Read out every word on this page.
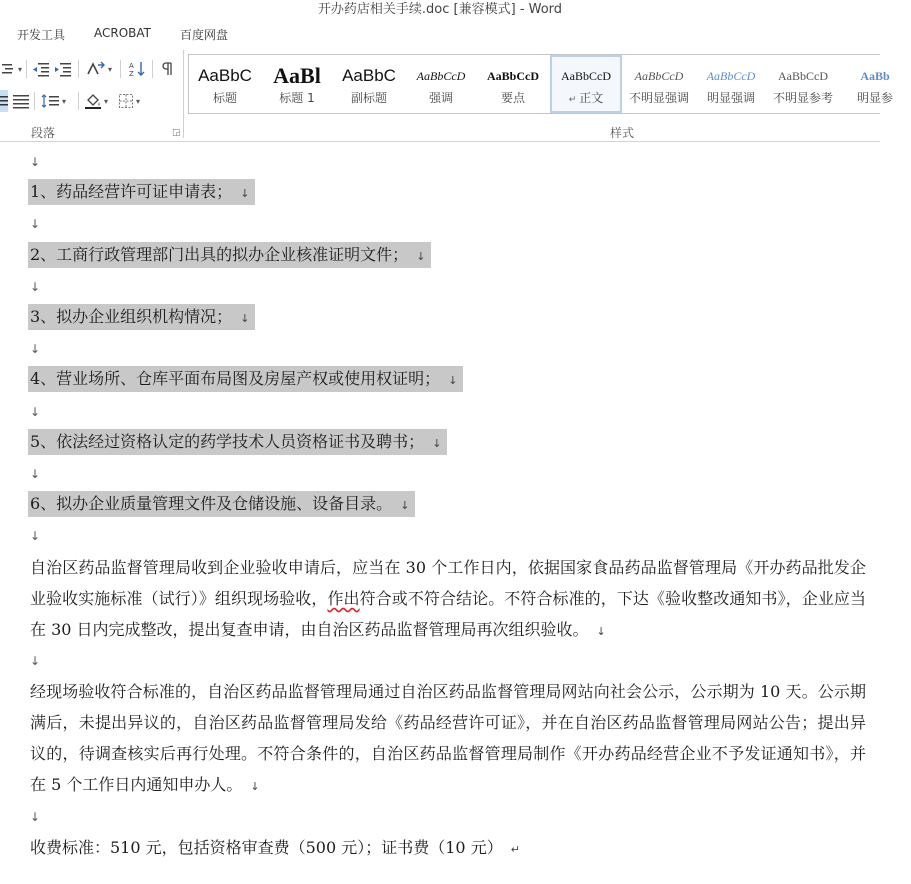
开办药店相关手续.doc [兼容模式] - Word
开发工具 ACROBAT 百度网盘
▾	▾ A
Z
▾	▾	▾
段落	◲
AaBbC
标题
AaBl
标题 1
AaBbC
副标题
AaBbCcD
强调
AaBbCcD
要点
AaBbCcD
↵ 正文
AaBbCcD
不明显强调
AaBbCcD
明显强调
AaBbCcD
不明显参考
AaBb
明显参
样式
↓
1、药品经营许可证申请表； ↓
↓
2、工商行政管理部门出具的拟办企业核准证明文件； ↓
↓
3、拟办企业组织机构情况； ↓
↓
4、营业场所、仓库平面布局图及房屋产权或使用权证明； ↓
↓
5、依法经过资格认定的药学技术人员资格证书及聘书； ↓
↓
6、拟办企业质量管理文件及仓储设施、设备目录。 ↓
↓
自治区药品监督管理局收到企业验收申请后，应当在 30 个工作日内，依据国家食品药品监督管理局《开办药品批发企业验收实施标准（试行）》组织现场验收，作出符合或不符合结论。不符合标准的，下达《验收整改通知书》，企业应当在 30 日内完成整改，提出复查申请，由自治区药品监督管理局再次组织验收。 ↓
↓
经现场验收符合标准的，自治区药品监督管理局通过自治区药品监督管理局网站向社会公示，公示期为 10 天。公示期满后，未提出异议的，自治区药品监督管理局发给《药品经营许可证》，并在自治区药品监督管理局网站公告；提出异议的，待调查核实后再行处理。不符合条件的，自治区药品监督管理局制作《开办药品经营企业不予发证通知书》，并在 5 个工作日内通知申办人。 ↓
↓
收费标准：510 元，包括资格审查费（500 元）；证书费（10 元） ↵
